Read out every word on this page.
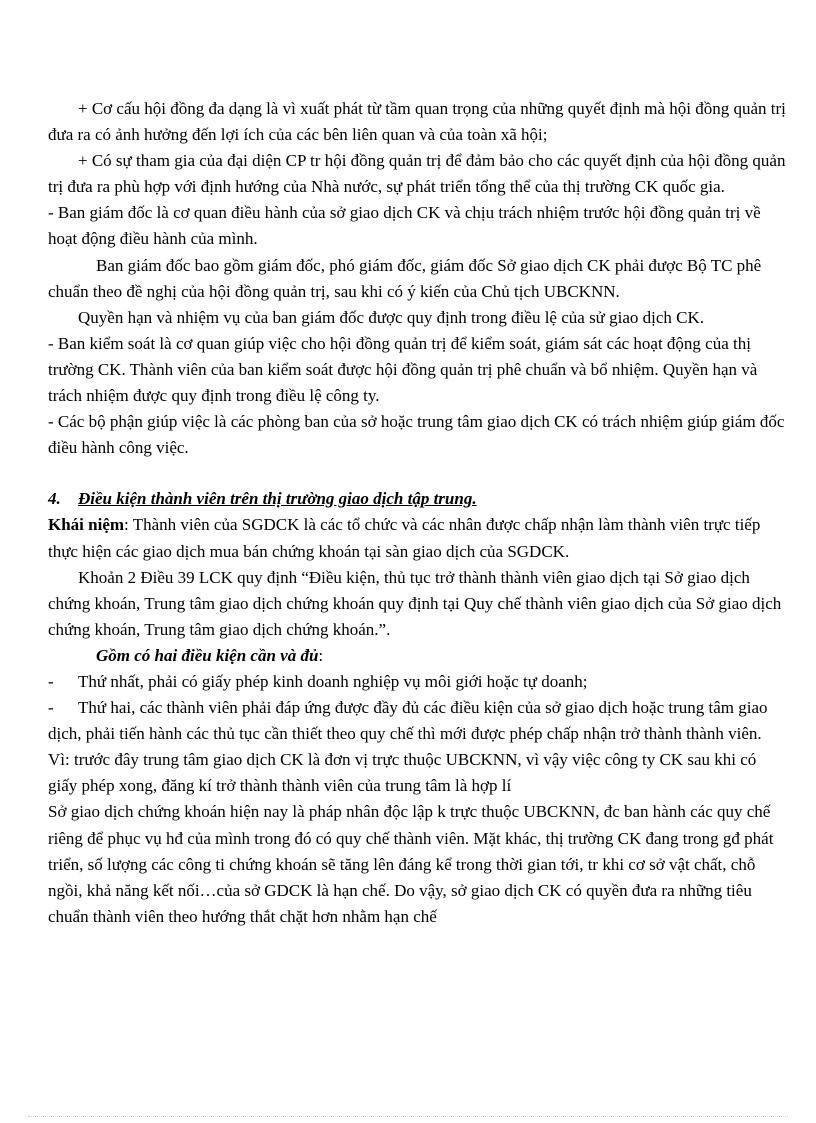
+ Cơ cấu hội đồng đa dạng là vì xuất phát từ tầm quan trọng của những quyết định mà hội đồng quản trị đưa ra có ảnh hưởng đến lợi ích của các bên liên quan và của toàn xã hội;

+ Có sự tham gia của đại diện CP tr hội đồng quản trị để đảm bảo cho các quyết định của hội đồng quản trị đưa ra phù hợp với định hướng của Nhà nước, sự phát triển tổng thể của thị trường CK quốc gia.

- Ban giám đốc là cơ quan điều hành của sở giao dịch CK và chịu trách nhiệm trước hội đồng quản trị về hoạt động điều hành của mình.

Ban giám đốc bao gồm giám đốc, phó giám đốc, giám đốc Sở giao dịch CK phải được Bộ TC phê chuẩn theo đề nghị của hội đồng quản trị, sau khi có ý kiến của Chủ tịch UBCKNN.

Quyền hạn và nhiệm vụ của ban giám đốc được quy định trong điều lệ của sử giao dịch CK.

- Ban kiểm soát là cơ quan giúp việc cho hội đồng quản trị để kiểm soát, giám sát các hoạt động của thị trường CK. Thành viên của ban kiểm soát được hội đồng quản trị phê chuẩn và bổ nhiệm. Quyền hạn và trách nhiệm được quy định trong điều lệ công ty.

- Các bộ phận giúp việc là các phòng ban của sở hoặc trung tâm giao dịch CK có trách nhiệm giúp giám đốc điều hành công việc.

4. Điều kiện thành viên trên thị trường giao dịch tập trung.

Khái niệm: Thành viên của SGDCK là các tổ chức và các nhân được chấp nhận làm thành viên trực tiếp thực hiện các giao dịch mua bán chứng khoán tại sàn giao dịch của SGDCK.

Khoản 2 Điều 39 LCK quy định “Điều kiện, thủ tục trở thành thành viên giao dịch tại Sở giao dịch chứng khoán, Trung tâm giao dịch chứng khoán quy định tại Quy chế thành viên giao dịch của Sở giao dịch chứng khoán, Trung tâm giao dịch chứng khoán.”.

Gồm có hai điều kiện cần và đủ:

- Thứ nhất, phải có giấy phép kinh doanh nghiệp vụ môi giới hoặc tự doanh;

- Thứ hai, các thành viên phải đáp ứng được đầy đủ các điều kiện của sở giao dịch hoặc trung tâm giao dịch, phải tiến hành các thủ tục cần thiết theo quy chế thì mới được phép chấp nhận trở thành thành viên.

Vì: trước đây trung tâm giao dịch CK là đơn vị trực thuộc UBCKNN, vì vậy việc công ty CK sau khi có giấy phép xong, đăng kí trở thành thành viên của trung tâm là hợp lí

Sở giao dịch chứng khoán hiện nay là pháp nhân độc lập k trực thuộc UBCKNN, đc ban hành các quy chế riêng để phục vụ hđ của mình trong đó có quy chế thành viên. Mặt khác, thị trường CK đang trong gđ phát triển, số lượng các công ti chứng khoán sẽ tăng lên đáng kể trong thời gian tới, tr khi cơ sở vật chất, chỗ ngồi, khả năng kết nối…của sở GDCK là hạn chế. Do vậy, sở giao dịch CK có quyền đưa ra những tiêu chuẩn thành viên theo hướng thắt chặt hơn nhằm hạn chế
